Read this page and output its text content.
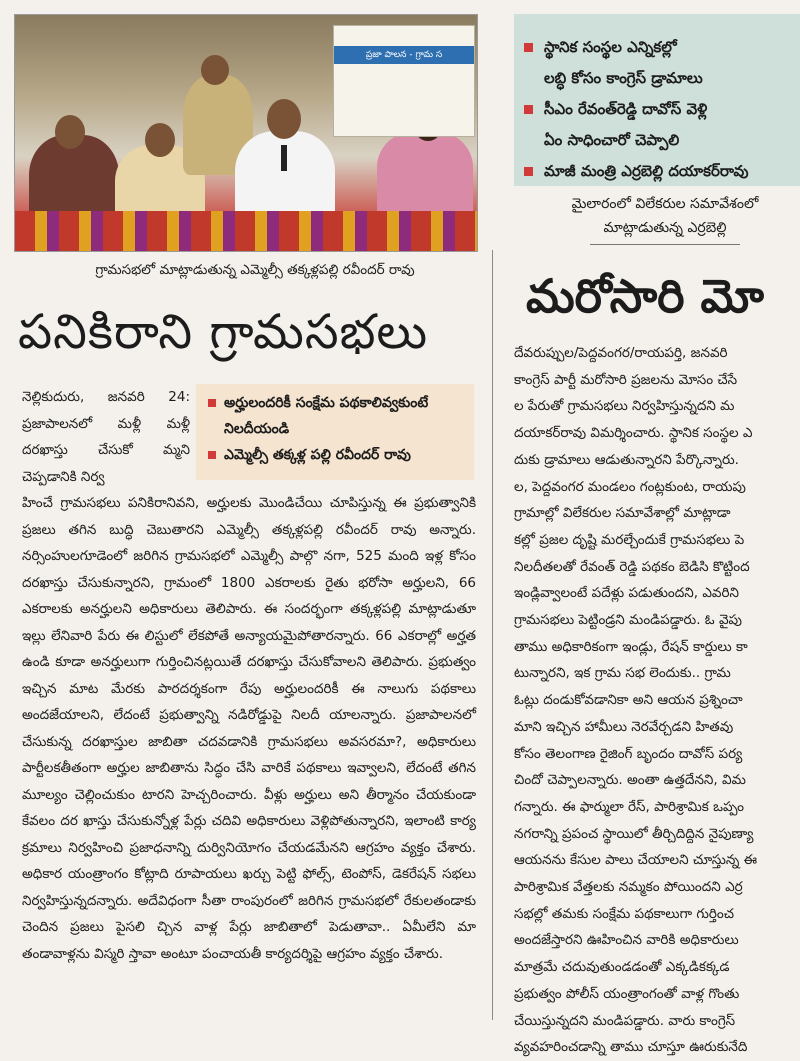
ప్రజా పాలన - గ్రామ స
గ్రామసభలో మాట్లాడుతున్న ఎమ్మెల్సీ తక్కళ్లపల్లి రవీందర్ రావు
పనికిరాని గ్రామసభలు
నెల్లికుదురు, జనవరి 24: ప్రజాపాలనలో మళ్లీ మళ్లీ దరఖాస్తు చేసుకో మ్మని చెప్పడానికి నిర్వ
అర్హులందరికీ సంక్షేమ పథకాలివ్వకుంటే నిలదీయండి
ఎమ్మెల్సీ తక్కళ్ల పల్లి రవీందర్ రావు
హించే గ్రామసభలు పనికిరానివని, అర్హులకు మొండిచేయి చూపిస్తున్న ఈ ప్రభుత్వానికి ప్రజలు తగిన బుద్ధి చెబుతారని ఎమ్మెల్సీ తక్కళ్లపల్లి రవీందర్ రావు అన్నారు. నర్సింహులగూడెంలో జరిగిన గ్రామసభలో ఎమ్మెల్సీ పాల్గొ నగా, 525 మంది ఇళ్ల కోసం దరఖాస్తు చేసుకున్నారని, గ్రామంలో 1800 ఎకరాలకు రైతు భరోసా అర్హులని, 66 ఎకరాలకు అనర్హులని అధికారులు తెలిపారు. ఈ సందర్భంగా తక్కళ్లపల్లి మాట్లాడుతూ ఇల్లు లేనివారి పేరు ఈ లిస్టులో లేకపోతే అన్యాయమైపోతారన్నారు. 66 ఎకరాల్లో అర్హత ఉండి కూడా అనర్హులుగా గుర్తించినట్లయితే దరఖాస్తు చేసుకోవాలని తెలిపారు. ప్రభుత్వం ఇచ్చిన మాట మేరకు పారదర్శకంగా రేపు అర్హులందరికీ ఈ నాలుగు పథకాలు అందజేయాలని, లేదంటే ప్రభుత్వాన్ని నడిరోడ్డుపై నిలదీ యాలన్నారు. ప్రజాపాలనలో చేసుకున్న దరఖాస్తుల జాబితా చదవడానికి గ్రామసభలు అవసరమా?, అధికారులు పార్టీలకతీతంగా అర్హుల జాబితాను సిద్ధం చేసి వారికే పథకాలు ఇవ్వాలని, లేదంటే తగిన మూల్యం చెల్లించుకుం టారని హెచ్చరించారు. వీళ్లు అర్హులు అని తీర్మానం చేయకుండా కేవలం దర ఖాస్తు చేసుకున్నోళ్ల పేర్లు చదివి అధికారులు వెళ్లిపోతున్నారని, ఇలాంటి కార్య క్రమాలు నిర్వహించి ప్రజాధనాన్ని దుర్వినియోగం చేయడమేనని ఆగ్రహం వ్యక్తం చేశారు. అధికార యంత్రాంగం కోట్లాది రూపాయలు ఖర్చు పెట్టి ఫోల్స్, టెంపోస్, డెకరేషన్ సభలు నిర్వహిస్తున్నదన్నారు. అదేవిధంగా సీతా రాంపురంలో జరిగిన గ్రామసభలో రేకులతండాకు చెందిన ప్రజలు పైసలి చ్చిన వాళ్ల పేర్లు జాబితాలో పెడుతావా.. ఏమీలేని మా తండావాళ్లను విస్మరి స్తావా అంటూ పంచాయతీ కార్యదర్శిపై ఆగ్రహం వ్యక్తం చేశారు.
స్థానిక సంస్థల ఎన్నికల్లో
లబ్ధి కోసం కాంగ్రెస్ డ్రామాలు
సీఎం రేవంత్‌రెడ్డి దావోస్ వెళ్లి
ఏం సాధించారో చెప్పాలి
మాజీ మంత్రి ఎర్రబెల్లి దయాకర్‌రావు
మైలారంలో విలేకరుల సమావేశంలో
మాట్లాడుతున్న ఎర్రబెల్లి
మరోసారి మో
దేవరుప్పుల/పెద్దవంగర/రాయపర్తి, జనవరి
కాంగ్రెస్ పార్టీ మరోసారి ప్రజలను మోసం చేసే
ల పేరుతో గ్రామసభలు నిర్వహిస్తున్నదని మ
దయాకర్‌రావు విమర్శించారు. స్థానిక సంస్థల ఎ
దుకు డ్రామాలు ఆడుతున్నారని పేర్కొన్నారు.
ల, పెద్దవంగర మండలం గంట్లకుంట, రాయపు
గ్రామాల్లో విలేకరుల సమావేశాల్లో మాట్లాడా
కల్లో ప్రజల దృష్టి మరల్చేందుకే గ్రామసభలు పె
నిలదీతలతో రేవంత్ రెడ్డి పథకం బెడిసి కొట్టింద
ఇండ్లివ్వాలంటే పదేళ్లు పడుతుందని, ఎవరిని
గ్రామసభలు పెట్టిండ్రని మండిపడ్డారు. ఓ వైపు
తాము అధికారికంగా ఇండ్లు, రేషన్ కార్డులు కా
టున్నారని, ఇక గ్రామ సభ లెందుకు.. గ్రామ
ఓట్లు దండుకోవడానికా అని ఆయన ప్రశ్నించా
మాని ఇచ్చిన హామీలు నెరవేర్చడని హితవు
కోసం తెలంగాణ రైజింగ్ బృందం దావోస్ పర్య
చిందో చెప్పాలన్నారు. అంతా ఉత్తదేనని, విమ
గన్నారు. ఈ ఫార్ములా రేస్, పారిశ్రామిక ఒప్పం
నగరాన్ని ప్రపంచ స్థాయిలో తీర్చిదిద్దిన నైపుణ్యా
ఆయనను కేసుల పాలు చేయాలని చూస్తున్న ఈ
పారిశ్రామిక వేత్తలకు నమ్మకం పోయిందని ఎర్ర
సభల్లో తమకు సంక్షేమ పథకాలుగా గుర్తించ
అందజేస్తారని ఊహించిన వారికి అధికారులు
మాత్రమే చదువుతుండడంతో ఎక్కడికక్కడ
ప్రభుత్వం పోలీస్ యంత్రాంగంతో వాళ్ల గొంతు
చేయిస్తున్నదని మండిపడ్డారు. వారు కాంగ్రెస్
వ్యవహరించడాన్ని తాము చూస్తూ ఊరుకునేది
